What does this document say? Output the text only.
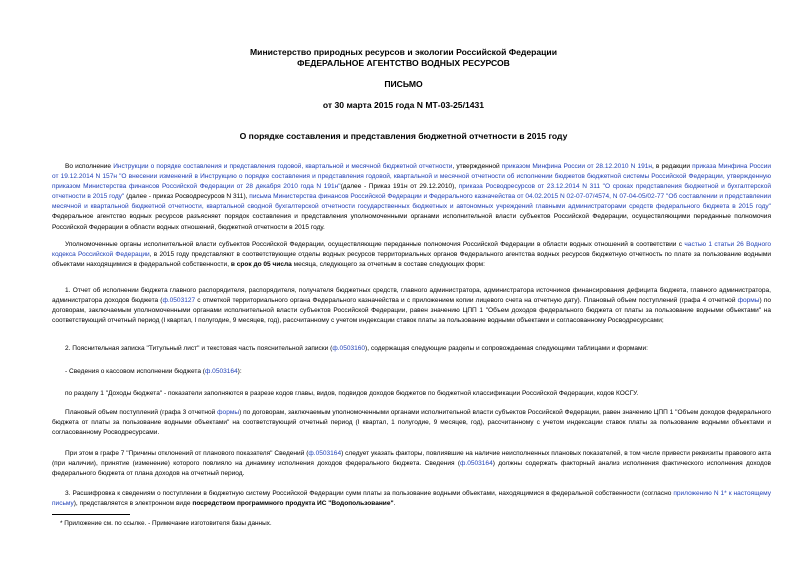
Министерство природных ресурсов и экологии Российской Федерации

ФЕДЕРАЛЬНОЕ АГЕНТСТВО ВОДНЫХ РЕСУРСОВ

ПИСЬМО

от 30 марта 2015 года N МТ-03-25/1431

О порядке составления и представления бюджетной отчетности в 2015 году

Во исполнение Инструкции о порядке составления и представления годовой, квартальной и месячной бюджетной отчетности, утвержденной приказом Минфина России от 28.12.2010 N 191н, в редакции приказа Минфина России от 19.12.2014 N 157н "О внесении изменений в Инструкцию о порядке составления и представления годовой, квартальной и месячной отчетности об исполнении бюджетов бюджетной системы Российской Федерации, утвержденную приказом Министерства финансов Российской Федерации от 28 декабря 2010 года N 191н"(далее - Приказ 191н от 29.12.2010), приказа Росводресурсов от 23.12.2014 N 311 "О сроках представления бюджетной и бухгалтерской отчетности в 2015 году" (далее - приказ Росводресурсов N 311), письма Министерства финансов Российской Федерации и Федерального казначейства от 04.02.2015 N 02-07-07/4574, N 07-04-05/02-77 "Об составлении и представлении месячной и квартальной бюджетной отчетности, квартальной сводной бухгалтерской отчетности государственных бюджетных и автономных учреждений главными администраторами средств федерального бюджета в 2015 году" Федеральное агентство водных ресурсов разъясняет порядок составления и представления уполномоченными органами исполнительной власти субъектов Российской Федерации, осуществляющими переданные полномочия Российской Федерации в области водных отношений, бюджетной отчетности в 2015 году.

Уполномоченные органы исполнительной власти субъектов Российской Федерации, осуществляющие переданные полномочия Российской Федерации в области водных отношений в соответствии с частью 1 статьи 26 Водного кодекса Российской Федерации, в 2015 году представляют в соответствующие отделы водных ресурсов территориальных органов Федерального агентства водных ресурсов бюджетную отчетность по плате за пользование водными объектами находящимися в федеральной собственности, в срок до 05 числа месяца, следующего за отчетным в составе следующих форм:

1. Отчет об исполнении бюджета главного распорядителя, распорядителя, получателя бюджетных средств, главного администратора, администратора источников финансирования дефицита бюджета, главного администратора, администратора доходов бюджета (ф.0503127 с отметкой территориального органа Федерального казначейства и с приложением копии лицевого счета на отчетную дату). Плановый объем поступлений (графа 4 отчетной формы) по договорам, заключаемым уполномоченными органами исполнительной власти субъектов Российской Федерации, равен значению ЦПП 1 "Объем доходов федерального бюджета от платы за пользование водными объектами" на соответствующий отчетный период (I квартал, I полугодие, 9 месяцев, год), рассчитанному с учетом индексации ставок платы за пользование водными объектами и согласованному Росводресурсами;

2. Пояснительная записка "Титульный лист" и текстовая часть пояснительной записки (ф.0503160), содержащая следующие разделы и сопровождаемая следующими таблицами и формами:

- Сведения о кассовом исполнении бюджета (ф.0503164):

по разделу 1 "Доходы бюджета" - показатели заполняются в разрезе кодов главы, видов, подвидов доходов бюджетов по бюджетной классификации Российской Федерации, кодов КОСГУ.

Плановый объем поступлений (графа 3 отчетной формы) по договорам, заключаемым уполномоченными органами исполнительной власти субъектов Российской Федерации, равен значению ЦПП 1 "Объем доходов федерального бюджета от платы за пользование водными объектами" на соответствующий отчетный период (I квартал, 1 полугодие, 9 месяцев, год), рассчитанному с учетом индексации ставок платы за пользование водными объектами и согласованному Росводресурсами.

При этом в графе 7 "Причины отклонений от планового показателя" Сведений (ф.0503164) следует указать факторы, повлиявшие на наличие неисполненных плановых показателей, в том числе привести реквизиты правового акта (при наличии), принятие (изменение) которого повлияло на динамику исполнения доходов федерального бюджета. Сведения (ф.0503164) должны содержать факторный анализ исполнения фактического исполнения доходов федерального бюджета от плана доходов на отчетный период.

3. Расшифровка к сведениям о поступлении в бюджетную систему Российской Федерации сумм платы за пользование водными объектами, находящимися в федеральной собственности (согласно приложению N 1* к настоящему письму), представляется в электронном виде посредством программного продукта ИС "Водопользование".

* Приложение см. по ссылке. - Примечание изготовителя базы данных.
